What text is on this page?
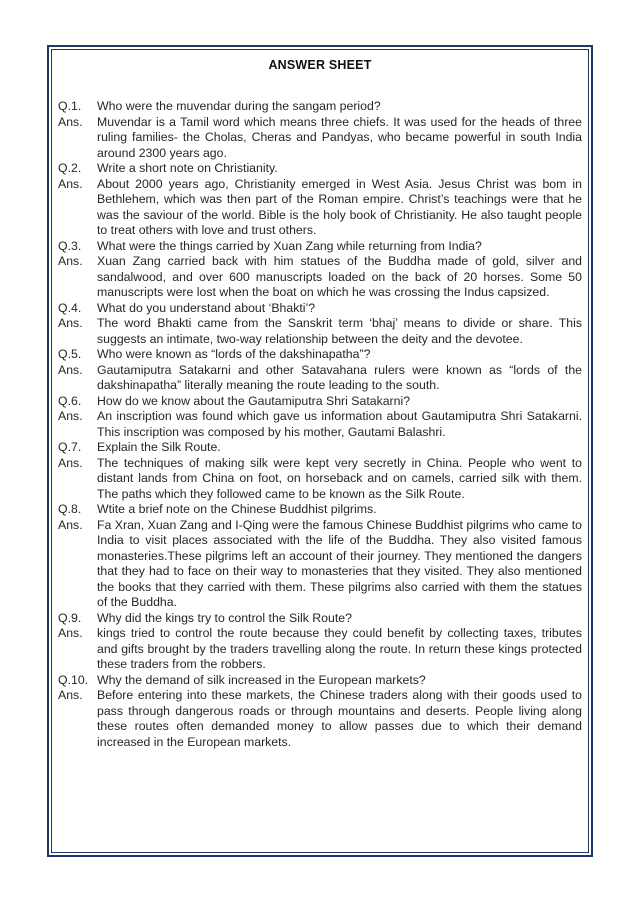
ANSWER SHEET
Q.1.	Who were the muvendar during the sangam period?
Ans.	Muvendar is a Tamil word which means three chiefs. It was used for the heads of three ruling families- the Cholas, Cheras and Pandyas, who became powerful in south India around 2300 years ago.
Q.2.	Write a short note on Christianity.
Ans.	About 2000 years ago, Christianity emerged in West Asia. Jesus Christ was bom in Bethlehem, which was then part of the Roman empire. Christ’s teachings were that he was the saviour of the world. Bible is the holy book of Christianity. He also taught people to treat others with love and trust others.
Q.3.	What were the things carried by Xuan Zang while returning from India?
Ans.	Xuan Zang carried back with him statues of the Buddha made of gold, silver and sandalwood, and over 600 manuscripts loaded on the back of 20 horses. Some 50 manuscripts were lost when the boat on which he was crossing the Indus capsized.
Q.4.	What do you understand about ‘Bhakti’?
Ans.	The word Bhakti came from the Sanskrit term ‘bhaj’ means to divide or share. This suggests an intimate, two-way relationship between the deity and the devotee.
Q.5.	Who were known as “lords of the dakshinapatha”?
Ans.	Gautamiputra Satakarni and other Satavahana rulers were known as “lords of the dakshinapatha” literally meaning the route leading to the south.
Q.6.	How do we know about the Gautamiputra Shri Satakarni?
Ans.	An inscription was found which gave us information about Gautamiputra Shri Satakarni. This inscription was composed by his mother, Gautami Balashri.
Q.7.	Explain the Silk Route.
Ans.	The techniques of making silk were kept very secretly in China. People who went to distant lands from China on foot, on horseback and on camels, carried silk with them. The paths which they followed came to be known as the Silk Route.
Q.8.	Wtite a brief note on the Chinese Buddhist pilgrims.
Ans.	Fa Xran, Xuan Zang and I-Qing were the famous Chinese Buddhist pilgrims who came to India to visit places associated with the life of the Buddha. They also visited famous monasteries.These pilgrims left an account of their journey. They mentioned the dangers that they had to face on their way to monasteries that they visited. They also mentioned the books that they carried with them. These pilgrims also carried with them the statues of the Buddha.
Q.9.	Why did the kings try to control the Silk Route?
Ans.	kings tried to control the route because they could benefit by collecting taxes, tributes and gifts brought by the traders travelling along the route. In return these kings protected these traders from the robbers.
Q.10. Why the demand of silk increased in the European markets?
Ans.	Before entering into these markets, the Chinese traders along with their goods used to pass through dangerous roads or through mountains and deserts. People living along these routes often demanded money to allow passes due to which their demand increased in the European markets.
